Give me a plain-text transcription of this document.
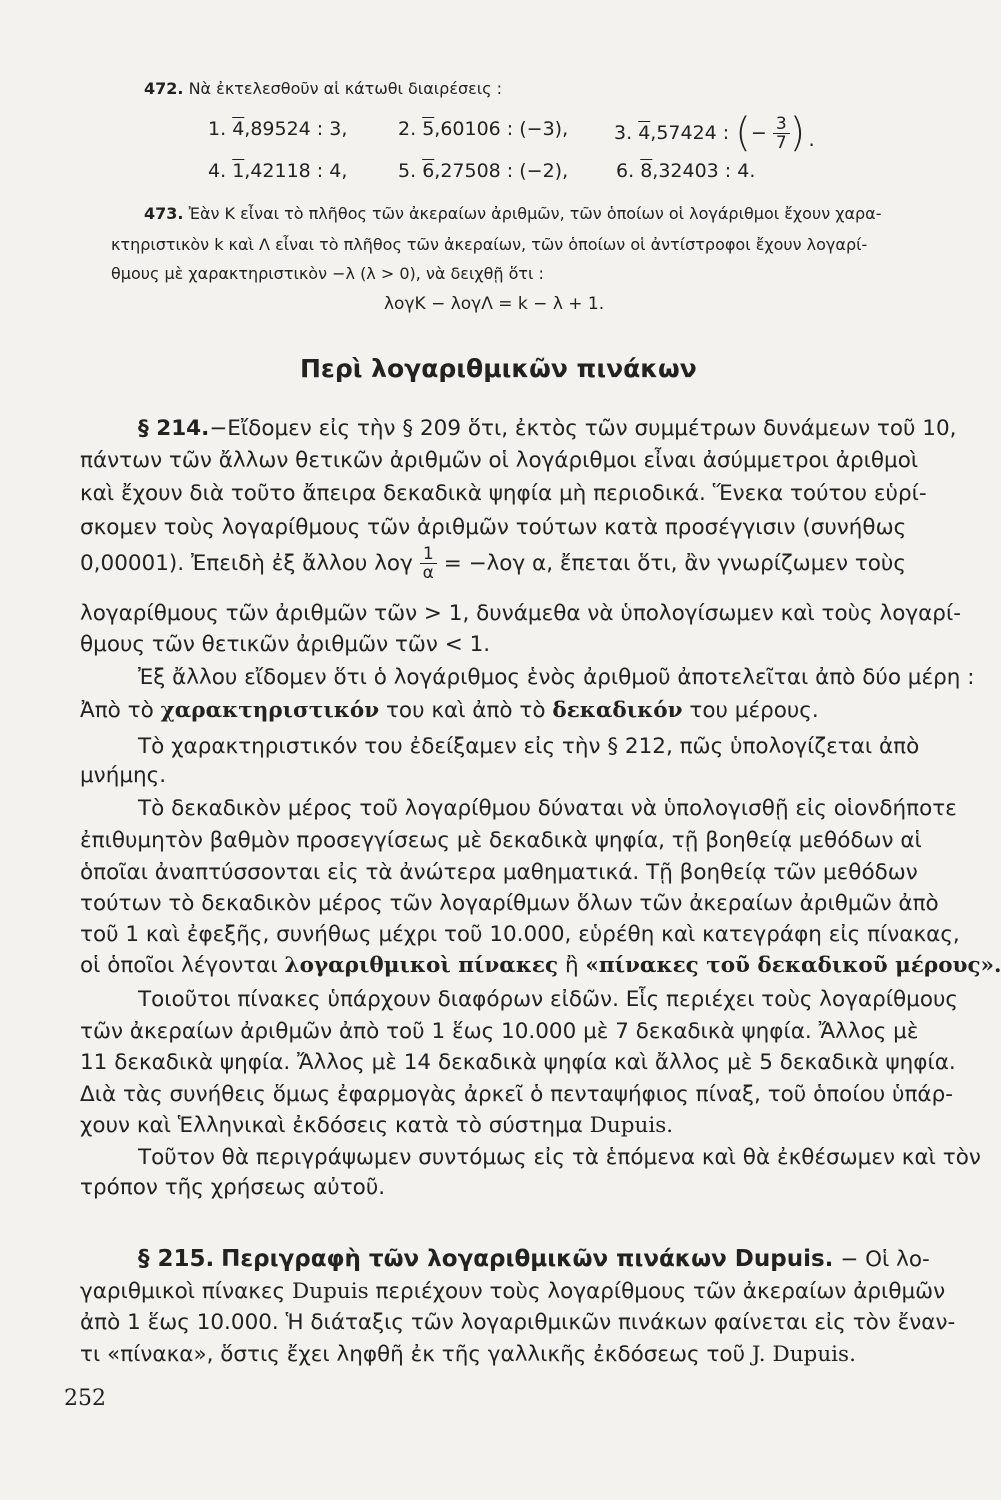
472. Νὰ ἐκτελεσθοῦν αἱ κάτωθι διαιρέσεις :
1. 4,89524 : 3,	2. 5,60106 : (−3), 3. 4,57424 : (− $\frac{3}{7}$ ).
4. 1,42118 : 4,	5. 6,27508 : (−2),	6. 8,32403 : 4.
473. Ἐὰν Κ εἶναι τὸ πλῆθος τῶν ἀκεραίων ἀριθμῶν, τῶν ὁποίων οἱ λογάριθμοι ἔχουν χαρα-
κτηριστικὸν k καὶ Λ εἶναι τὸ πλῆθος τῶν ἀκεραίων, τῶν ὁποίων οἱ ἀντίστροφοι ἔχουν λογαρί-
θμους μὲ χαρακτηριστικὸν −λ (λ > 0), νὰ δειχθῇ ὅτι :
λογΚ − λογΛ = k − λ + 1.
Περὶ λογαριθμικῶν πινάκων
§ 214.−Εἴδομεν εἰς τὴν § 209 ὅτι, ἐκτὸς τῶν συμμέτρων δυνάμεων τοῦ 10,
πάντων τῶν ἄλλων θετικῶν ἀριθμῶν οἱ λογάριθμοι εἶναι ἀσύμμετροι ἀριθμοὶ
καὶ ἔχουν διὰ τοῦτο ἄπειρα δεκαδικὰ ψηφία μὴ περιοδικά. Ἕνεκα τούτου εὑρί-
σκομεν τοὺς λογαρίθμους τῶν ἀριθμῶν τούτων κατὰ προσέγγισιν (συνήθως
0,00001). Ἐπειδὴ ἐξ ἄλλου λογ $\frac{1}{\alpha} = -\lambda o\gamma$ α, ἔπεται ὅτι, ἂν γνωρίζωμεν τοὺς
λογαρίθμους τῶν ἀριθμῶν τῶν > 1, δυνάμεθα νὰ ὑπολογίσωμεν καὶ τοὺς λογαρί-
θμους τῶν θετικῶν ἀριθμῶν τῶν < 1.
Ἐξ ἄλλου εἴδομεν ὅτι ὁ λογάριθμος ἑνὸς ἀριθμοῦ ἀποτελεῖται ἀπὸ δύο μέρη :
Ἀπὸ τὸ χαρακτηριστικόν του καὶ ἀπὸ τὸ δεκαδικόν του μέρους.
Τὸ χαρακτηριστικόν του ἐδείξαμεν εἰς τὴν § 212, πῶς ὑπολογίζεται ἀπὸ
μνήμης.
Τὸ δεκαδικὸν μέρος τοῦ λογαρίθμου δύναται νὰ ὑπολογισθῇ εἰς οἱονδήποτε
ἐπιθυμητὸν βαθμὸν προσεγγίσεως μὲ δεκαδικὰ ψηφία, τῇ βοηθείᾳ μεθόδων αἱ
ὁποῖαι ἀναπτύσσονται εἰς τὰ ἀνώτερα μαθηματικά. Τῇ βοηθείᾳ τῶν μεθόδων
τούτων τὸ δεκαδικὸν μέρος τῶν λογαρίθμων ὅλων τῶν ἀκεραίων ἀριθμῶν ἀπὸ
τοῦ 1 καὶ ἐφεξῆς, συνήθως μέχρι τοῦ 10.000, εὑρέθη καὶ κατεγράφη εἰς πίνακας,
οἱ ὁποῖοι λέγονται λογαριθμικοὶ πίνακες ἢ «πίνακες τοῦ δεκαδικοῦ μέρους».
Τοιοῦτοι πίνακες ὑπάρχουν διαφόρων εἰδῶν. Εἷς περιέχει τοὺς λογαρίθμους
τῶν ἀκεραίων ἀριθμῶν ἀπὸ τοῦ 1 ἕως 10.000 μὲ 7 δεκαδικὰ ψηφία. Ἄλλος μὲ
11 δεκαδικὰ ψηφία. Ἄλλος μὲ 14 δεκαδικὰ ψηφία καὶ ἄλλος μὲ 5 δεκαδικὰ ψηφία.
Διὰ τὰς συνήθεις ὅμως ἐφαρμογὰς ἀρκεῖ ὁ πενταψήφιος πίναξ, τοῦ ὁποίου ὑπάρ-
χουν καὶ Ἑλληνικαὶ ἐκδόσεις κατὰ τὸ σύστημα Dupuis.
Τοῦτον θὰ περιγράψωμεν συντόμως εἰς τὰ ἑπόμενα καὶ θὰ ἐκθέσωμεν καὶ τὸν
τρόπον τῆς χρήσεως αὐτοῦ.
§ 215. Περιγραφὴ τῶν λογαριθμικῶν πινάκων Dupuis. − Οἱ λο-
γαριθμικοὶ πίνακες Dupuis περιέχουν τοὺς λογαρίθμους τῶν ἀκεραίων ἀριθμῶν
ἀπὸ 1 ἕως 10.000. Ἡ διάταξις τῶν λογαριθμικῶν πινάκων φαίνεται εἰς τὸν ἔναν-
τι «πίνακα», ὅστις ἔχει ληφθῆ ἐκ τῆς γαλλικῆς ἐκδόσεως τοῦ J. Dupuis.
252
